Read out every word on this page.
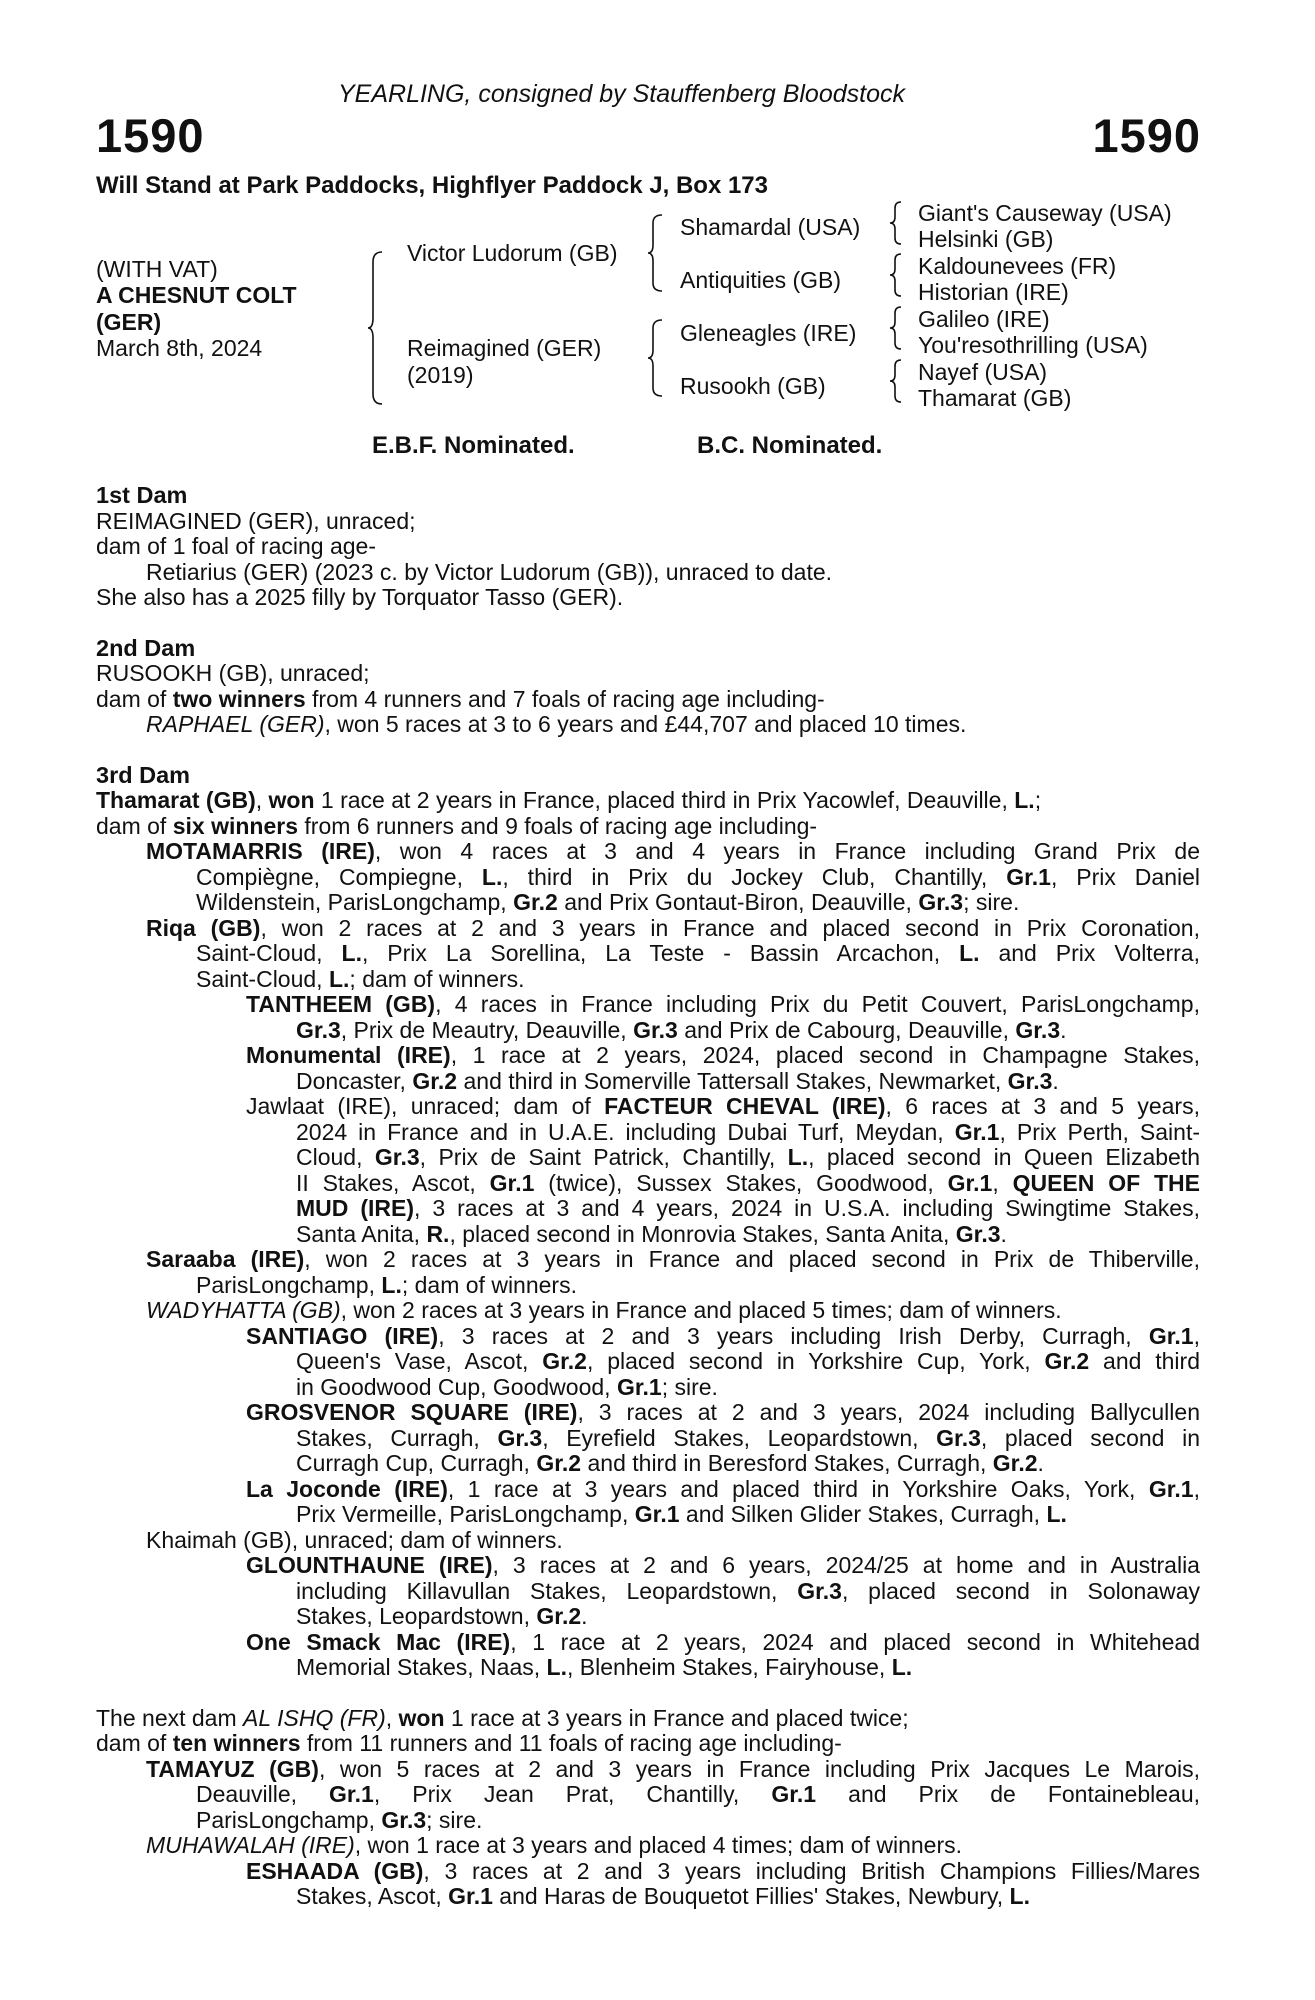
YEARLING, consigned by Stauffenberg Bloodstock
1590	1590
Will Stand at Park Paddocks, Highflyer Paddock J, Box 173
(WITH VAT)
A CHESNUT COLT
(GER)
March 8th, 2024
Victor Ludorum (GB)
Reimagined (GER)
(2019)
Shamardal (USA)
Antiquities (GB)
Gleneagles (IRE)
Rusookh (GB)
Giant's Causeway (USA)
Helsinki (GB)
Kaldounevees (FR)
Historian (IRE)
Galileo (IRE)
You'resothrilling (USA)
Nayef (USA)
Thamarat (GB)
E.B.F. Nominated.	B.C. Nominated.
1st Dam
REIMAGINED (GER), unraced;
dam of 1 foal of racing age-
Retiarius (GER) (2023 c. by Victor Ludorum (GB)), unraced to date.
She also has a 2025 filly by Torquator Tasso (GER).
2nd Dam
RUSOOKH (GB), unraced;
dam of two winners from 4 runners and 7 foals of racing age including-
RAPHAEL (GER), won 5 races at 3 to 6 years and £44,707 and placed 10 times.
3rd Dam
Thamarat (GB), won 1 race at 2 years in France, placed third in Prix Yacowlef, Deauville, L.;
dam of six winners from 6 runners and 9 foals of racing age including-
MOTAMARRIS (IRE), won 4 races at 3 and 4 years in France including Grand Prix de
Compiègne, Compiegne, L., third in Prix du Jockey Club, Chantilly, Gr.1, Prix Daniel
Wildenstein, ParisLongchamp, Gr.2 and Prix Gontaut-Biron, Deauville, Gr.3; sire.
Riqa (GB), won 2 races at 2 and 3 years in France and placed second in Prix Coronation,
Saint-Cloud, L., Prix La Sorellina, La Teste - Bassin Arcachon, L. and Prix Volterra,
Saint-Cloud, L.; dam of winners.
TANTHEEM (GB), 4 races in France including Prix du Petit Couvert, ParisLongchamp,
Gr.3, Prix de Meautry, Deauville, Gr.3 and Prix de Cabourg, Deauville, Gr.3.
Monumental (IRE), 1 race at 2 years, 2024, placed second in Champagne Stakes,
Doncaster, Gr.2 and third in Somerville Tattersall Stakes, Newmarket, Gr.3.
Jawlaat (IRE), unraced; dam of FACTEUR CHEVAL (IRE), 6 races at 3 and 5 years,
2024 in France and in U.A.E. including Dubai Turf, Meydan, Gr.1, Prix Perth, Saint-
Cloud, Gr.3, Prix de Saint Patrick, Chantilly, L., placed second in Queen Elizabeth
II Stakes, Ascot, Gr.1 (twice), Sussex Stakes, Goodwood, Gr.1, QUEEN OF THE
MUD (IRE), 3 races at 3 and 4 years, 2024 in U.S.A. including Swingtime Stakes,
Santa Anita, R., placed second in Monrovia Stakes, Santa Anita, Gr.3.
Saraaba (IRE), won 2 races at 3 years in France and placed second in Prix de Thiberville,
ParisLongchamp, L.; dam of winners.
WADYHATTA (GB), won 2 races at 3 years in France and placed 5 times; dam of winners.
SANTIAGO (IRE), 3 races at 2 and 3 years including Irish Derby, Curragh, Gr.1,
Queen's Vase, Ascot, Gr.2, placed second in Yorkshire Cup, York, Gr.2 and third
in Goodwood Cup, Goodwood, Gr.1; sire.
GROSVENOR SQUARE (IRE), 3 races at 2 and 3 years, 2024 including Ballycullen
Stakes, Curragh, Gr.3, Eyrefield Stakes, Leopardstown, Gr.3, placed second in
Curragh Cup, Curragh, Gr.2 and third in Beresford Stakes, Curragh, Gr.2.
La Joconde (IRE), 1 race at 3 years and placed third in Yorkshire Oaks, York, Gr.1,
Prix Vermeille, ParisLongchamp, Gr.1 and Silken Glider Stakes, Curragh, L.
Khaimah (GB), unraced; dam of winners.
GLOUNTHAUNE (IRE), 3 races at 2 and 6 years, 2024/25 at home and in Australia
including Killavullan Stakes, Leopardstown, Gr.3, placed second in Solonaway
Stakes, Leopardstown, Gr.2.
One Smack Mac (IRE), 1 race at 2 years, 2024 and placed second in Whitehead
Memorial Stakes, Naas, L., Blenheim Stakes, Fairyhouse, L.
The next dam AL ISHQ (FR), won 1 race at 3 years in France and placed twice;
dam of ten winners from 11 runners and 11 foals of racing age including-
TAMAYUZ (GB), won 5 races at 2 and 3 years in France including Prix Jacques Le Marois,
Deauville, Gr.1, Prix Jean Prat, Chantilly, Gr.1 and Prix de Fontainebleau,
ParisLongchamp, Gr.3; sire.
MUHAWALAH (IRE), won 1 race at 3 years and placed 4 times; dam of winners.
ESHAADA (GB), 3 races at 2 and 3 years including British Champions Fillies/Mares
Stakes, Ascot, Gr.1 and Haras de Bouquetot Fillies' Stakes, Newbury, L.
